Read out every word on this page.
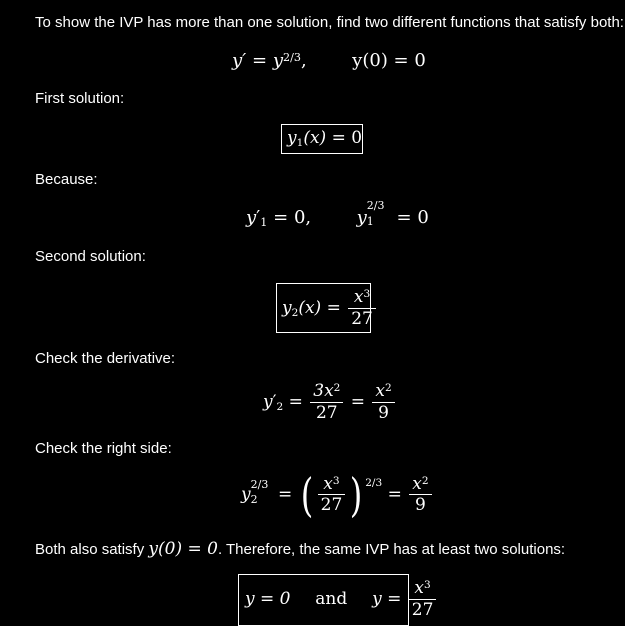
To show the IVP has more than one solution, find two different functions that satisfy both:
$y' = y^{2/3}$,	y(0) = 0
First solution:
$y_1(x) = 0$
Because:
$y'_1 = 0$,	y
2/3
1 = 0
Second solution:
$y_2(x) = \frac{x^3}{27}$
Check the derivative:
$y'_2 = \frac{3x^2}{27} = \frac{x^2}{9}$
Check the right side:
y
2/3
2 = ( $\frac{x^3}{27}$ ) $^{2/3} = \frac{x^2}{9}$
Both also satisfy y(0) = 0. Therefore, the same IVP has at least two solutions:
y = 0 and $y = \frac{x^3}{27}$
